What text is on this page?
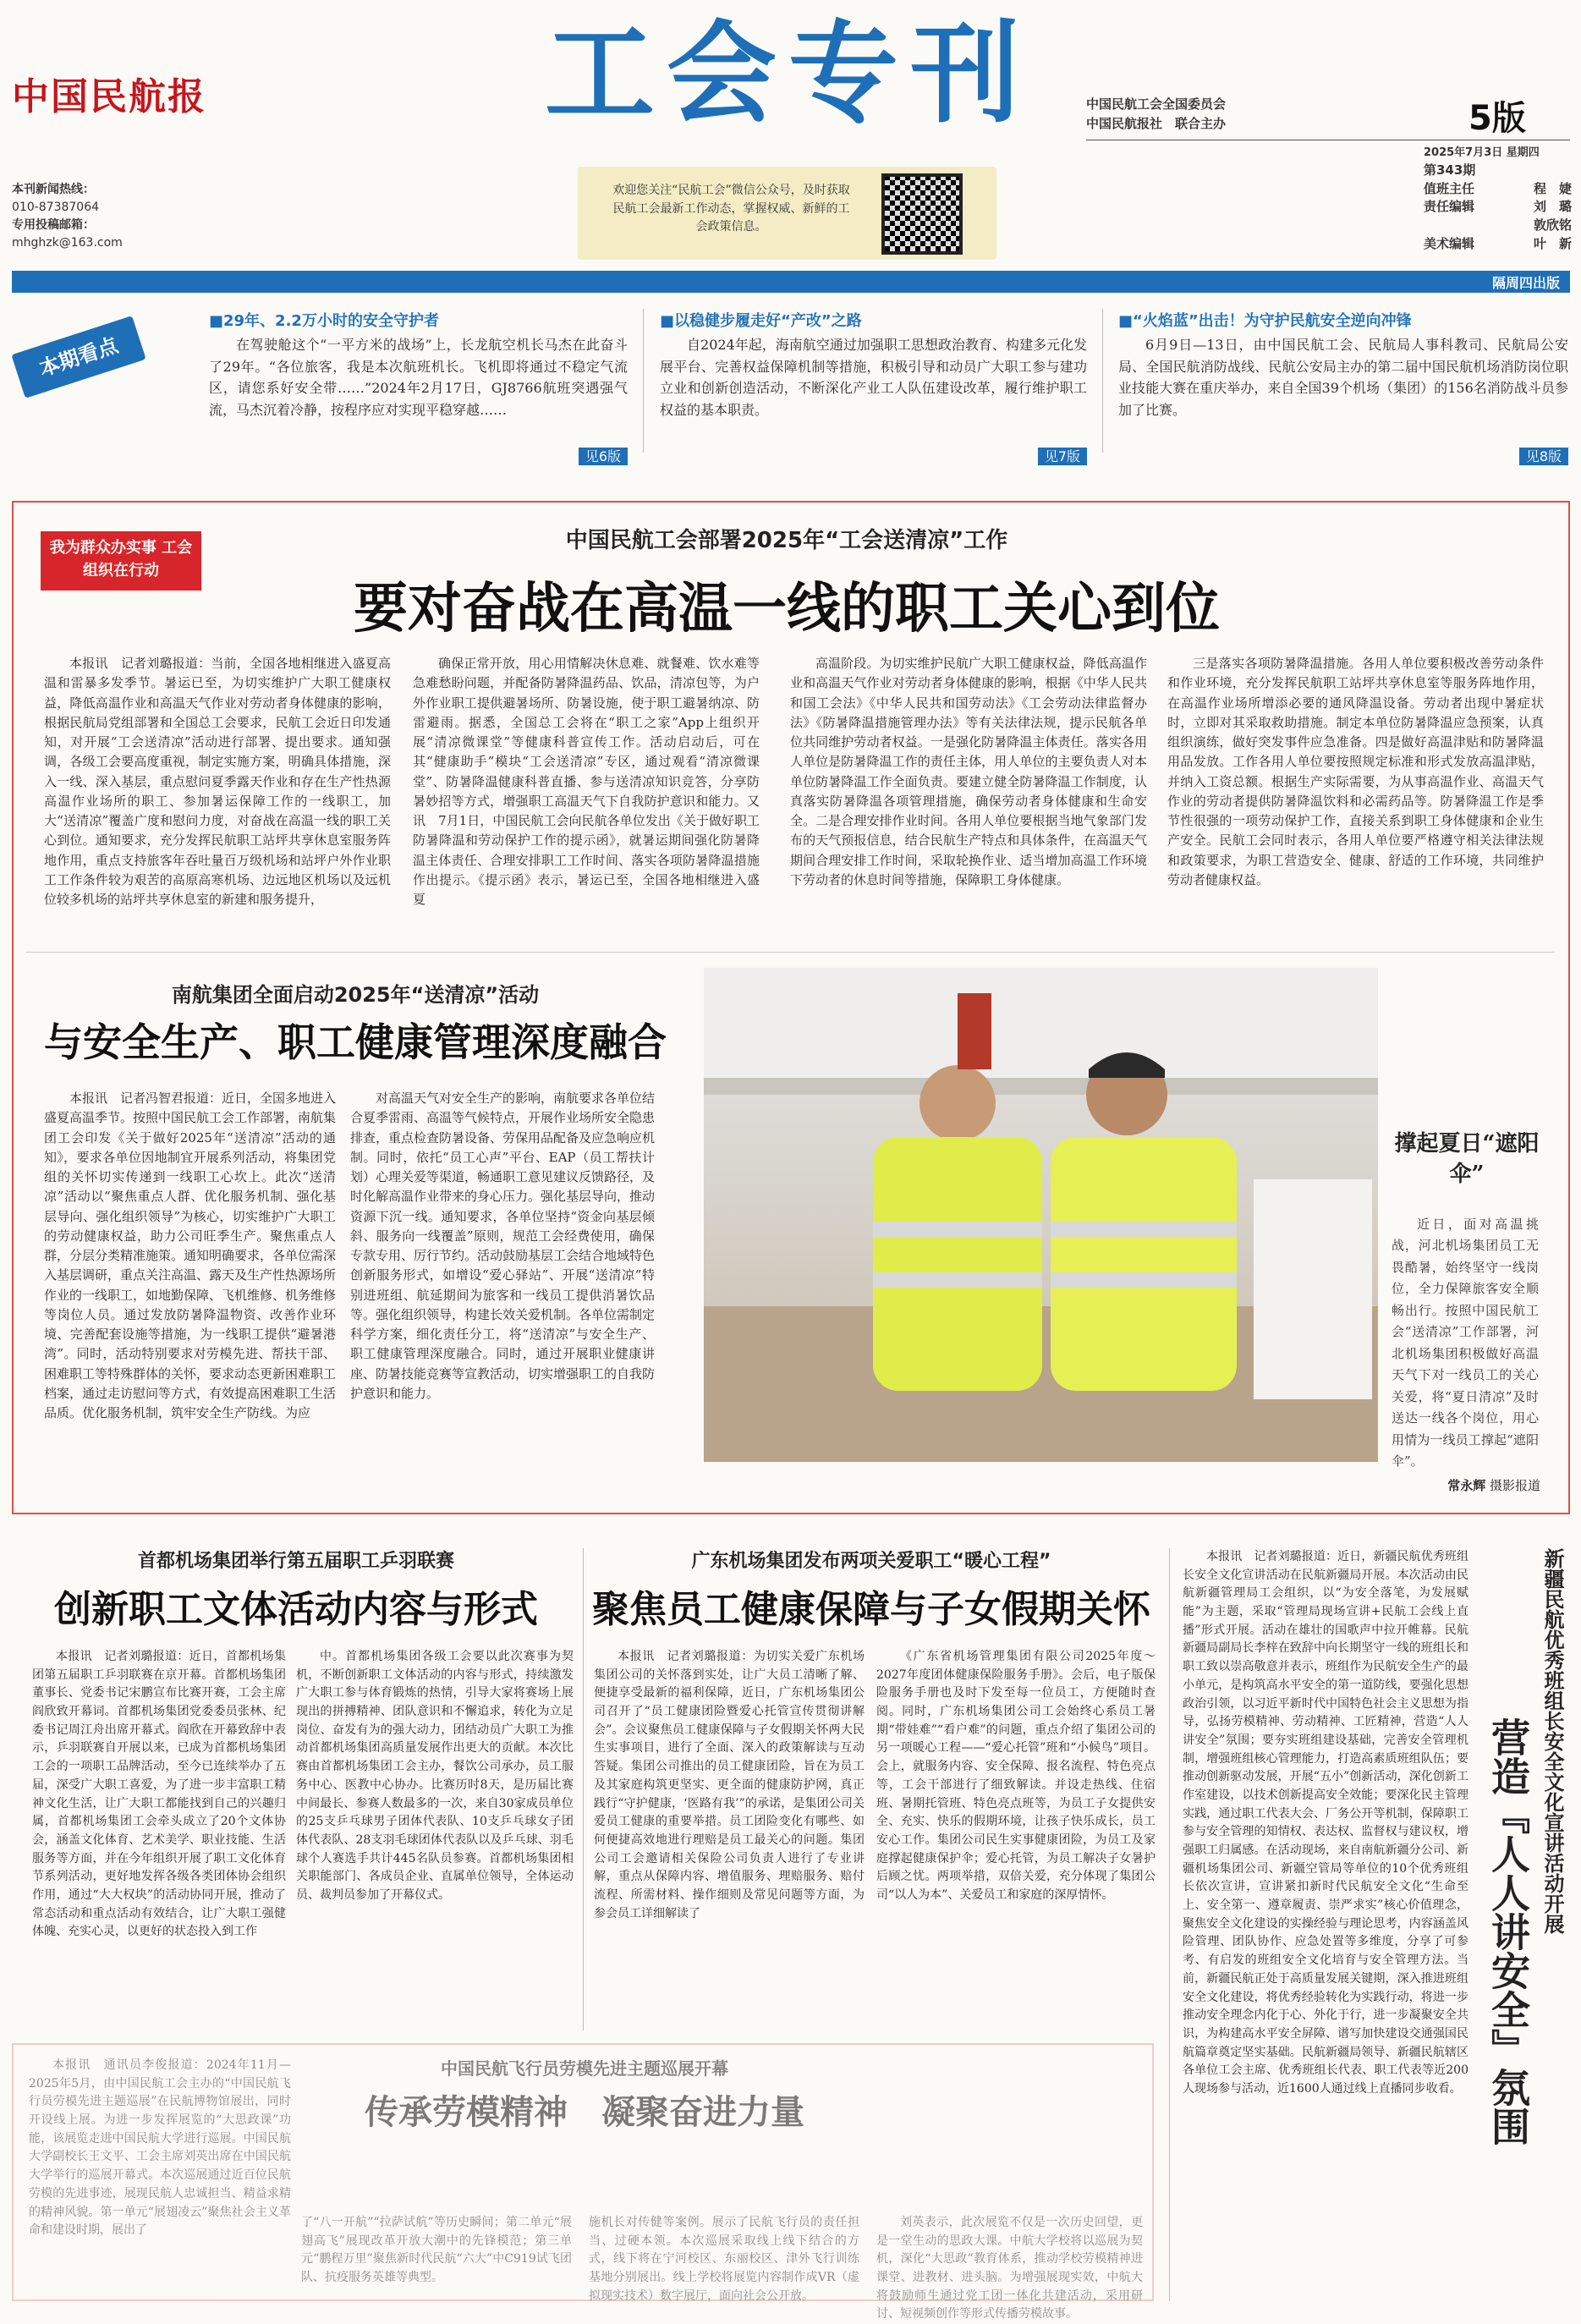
中国民航报	工会专刊
本刊新闻热线：
010-87387064
专用投稿邮箱：
mhghzk@163.com
欢迎您关注“民航工会”微信公众号，及时获取民航工会最新工作动态，掌握权威、新鲜的工会政策信息。
中国民航工会全国委员会
中国民航报社　联合主办	5版
2025年7月3日 星期四
第343期
值班主任	程　婕
责任编辑	刘　璐
敦欣铭
美术编辑	叶　新
隔周四出版
本期看点
■29年、2.2万小时的安全守护者
在驾驶舱这个“一平方米的战场”上，长龙航空机长马杰在此奋斗了29年。“各位旅客，我是本次航班机长。飞机即将通过不稳定气流区，请您系好安全带……”2024年2月17日，GJ8766航班突遇强气流，马杰沉着冷静，按程序应对实现平稳穿越……
见6版
■以稳健步履走好“产改”之路
自2024年起，海南航空通过加强职工思想政治教育、构建多元化发展平台、完善权益保障机制等措施，积极引导和动员广大职工参与建功立业和创新创造活动，不断深化产业工人队伍建设改革，履行维护职工权益的基本职责。
见7版
■“火焰蓝”出击！为守护民航安全逆向冲锋
6月9日—13日，由中国民航工会、民航局人事科教司、民航局公安局、全国民航消防战线、民航公安局主办的第二届中国民航机场消防岗位职业技能大赛在重庆举办，来自全国39个机场（集团）的156名消防战斗员参加了比赛。
见8版
我为群众办实事 工会组织在行动
中国民航工会部署2025年“工会送清凉”工作
要对奋战在高温一线的职工关心到位
本报讯　记者刘璐报道：当前，全国各地相继进入盛夏高温和雷暴多发季节。暑运已至，为切实维护广大职工健康权益，降低高温作业和高温天气作业对劳动者身体健康的影响，根据民航局党组部署和全国总工会要求，民航工会近日印发通知，对开展“工会送清凉”活动进行部署、提出要求。通知强调，各级工会要高度重视，制定实施方案，明确具体措施，深入一线、深入基层，重点慰问夏季露天作业和存在生产性热源高温作业场所的职工、参加暑运保障工作的一线职工，加大“送清凉”覆盖广度和慰问力度，对奋战在高温一线的职工关心到位。通知要求，充分发挥民航职工站坪共享休息室服务阵地作用，重点支持旅客年吞吐量百万级机场和站坪户外作业职工工作条件较为艰苦的高原高寒机场、边远地区机场以及远机位较多机场的站坪共享休息室的新建和服务提升，
确保正常开放，用心用情解决休息难、就餐难、饮水难等急难愁盼问题，并配备防暑降温药品、饮品，清凉包等，为户外作业职工提供避暑场所、防暑设施，使于职工避暑纳凉、防雷避雨。据悉，全国总工会将在“职工之家”App上组织开展“清凉微课堂”等健康科普宣传工作。活动启动后，可在其“健康助手”模块“工会送清凉”专区，通过观看“清凉微课堂”、防暑降温健康科普直播、参与送清凉知识竞答，分享防暑妙招等方式，增强职工高温天气下自我防护意识和能力。又讯　7月1日，中国民航工会向民航各单位发出《关于做好职工防暑降温和劳动保护工作的提示函》，就暑运期间强化防暑降温主体责任、合理安排职工工作时间、落实各项防暑降温措施作出提示。《提示函》表示，暑运已至，全国各地相继进入盛夏
高温阶段。为切实维护民航广大职工健康权益，降低高温作业和高温天气作业对劳动者身体健康的影响，根据《中华人民共和国工会法》《中华人民共和国劳动法》《工会劳动法律监督办法》《防暑降温措施管理办法》等有关法律法规，提示民航各单位共同维护劳动者权益。一是强化防暑降温主体责任。落实各用人单位是防暑降温工作的责任主体，用人单位的主要负责人对本单位防暑降温工作全面负责。要建立健全防暑降温工作制度，认真落实防暑降温各项管理措施，确保劳动者身体健康和生命安全。二是合理安排作业时间。各用人单位要根据当地气象部门发布的天气预报信息，结合民航生产特点和具体条件，在高温天气期间合理安排工作时间，采取轮换作业、适当增加高温工作环境下劳动者的休息时间等措施，保障职工身体健康。
三是落实各项防暑降温措施。各用人单位要积极改善劳动条件和作业环境，充分发挥民航职工站坪共享休息室等服务阵地作用，在高温作业场所增添必要的通风降温设备。劳动者出现中暑症状时，立即对其采取救助措施。制定本单位防暑降温应急预案，认真组织演练，做好突发事件应急准备。四是做好高温津贴和防暑降温用品发放。工作各用人单位要按照规定标准和形式发放高温津贴，并纳入工资总额。根据生产实际需要，为从事高温作业、高温天气作业的劳动者提供防暑降温饮料和必需药品等。防暑降温工作是季节性很强的一项劳动保护工作，直接关系到职工身体健康和企业生产安全。民航工会同时表示，各用人单位要严格遵守相关法律法规和政策要求，为职工营造安全、健康、舒适的工作环境，共同维护劳动者健康权益。
南航集团全面启动2025年“送清凉”活动
与安全生产、职工健康管理深度融合
本报讯　记者冯智君报道：近日，全国多地进入盛夏高温季节。按照中国民航工会工作部署，南航集团工会印发《关于做好2025年“送清凉”活动的通知》，要求各单位因地制宜开展系列活动，将集团党组的关怀切实传递到一线职工心坎上。此次“送清凉”活动以“聚焦重点人群、优化服务机制、强化基层导向、强化组织领导”为核心，切实维护广大职工的劳动健康权益，助力公司旺季生产。聚焦重点人群，分层分类精准施策。通知明确要求，各单位需深入基层调研，重点关注高温、露天及生产性热源场所作业的一线职工，如地勤保障、飞机维修、机务维修等岗位人员。通过发放防暑降温物资、改善作业环境、完善配套设施等措施，为一线职工提供“避暑港湾”。同时，活动特别要求对劳模先进、帮扶干部、困难职工等特殊群体的关怀，要求动态更新困难职工档案，通过走访慰问等方式，有效提高困难职工生活品质。优化服务机制，筑牢安全生产防线。为应
对高温天气对安全生产的影响，南航要求各单位结合夏季雷雨、高温等气候特点，开展作业场所安全隐患排查，重点检查防暑设备、劳保用品配备及应急响应机制。同时，依托“员工心声”平台、EAP（员工帮扶计划）心理关爱等渠道，畅通职工意见建议反馈路径，及时化解高温作业带来的身心压力。强化基层导向，推动资源下沉一线。通知要求，各单位坚持“资金向基层倾斜、服务向一线覆盖”原则，规范工会经费使用，确保专款专用、厉行节约。活动鼓励基层工会结合地域特色创新服务形式，如增设“爱心驿站”、开展“送清凉”特别进班组、航延期间为旅客和一线员工提供消暑饮品等。强化组织领导，构建长效关爱机制。各单位需制定科学方案，细化责任分工，将“送清凉”与安全生产、职工健康管理深度融合。同时，通过开展职业健康讲座、防暑技能竞赛等宣教活动，切实增强职工的自我防护意识和能力。
撑起夏日“遮阳伞”
近日，面对高温挑战，河北机场集团员工无畏酷暑，始终坚守一线岗位，全力保障旅客安全顺畅出行。按照中国民航工会“送清凉”工作部署，河北机场集团积极做好高温天气下对一线员工的关心关爱，将“夏日清凉”及时送达一线各个岗位，用心用情为一线员工撑起“遮阳伞”。
常永辉 摄影报道
首都机场集团举行第五届职工乒羽联赛
创新职工文体活动内容与形式
本报讯　记者刘璐报道：近日，首都机场集团第五届职工乒羽联赛在京开幕。首都机场集团董事长、党委书记宋鹏宣布比赛开赛，工会主席阎欣致开幕词。首都机场集团党委委员张林、纪委书记周江舟出席开幕式。阎欣在开幕致辞中表示，乒羽联赛自开展以来，已成为首都机场集团工会的一项职工品牌活动，至今已连续举办了五届，深受广大职工喜爱，为了进一步丰富职工精神文化生活，让广大职工都能找到自己的兴趣归属，首都机场集团工会牵头成立了20个文体协会，涵盖文化体育、艺术美学、职业技能、生活服务等方面，并在今年组织开展了职工文化体育节系列活动，更好地发挥各级各类团体协会组织作用，通过“大大权块”的活动协同开展，推动了常态活动和重点活动有效结合，让广大职工强健体魄、充实心灵，以更好的状态投入到工作
中。首都机场集团各级工会要以此次赛事为契机，不断创新职工文体活动的内容与形式，持续激发广大职工参与体育锻炼的热情，引导大家将赛场上展现出的拼搏精神、团队意识和不懈追求，转化为立足岗位、奋发有为的强大动力，团结动员广大职工为推动首都机场集团高质量发展作出更大的贡献。本次比赛由首都机场集团工会主办，餐饮公司承办，员工服务中心、医教中心协办。比赛历时8天，是历届比赛中间最长、参赛人数最多的一次，来自30家成员单位的25支乒乓球男子团体代表队、10支乒乓球女子团体代表队、28支羽毛球团体代表队以及乒乓球、羽毛球个人赛选手共计445名队员参赛。首都机场集团相关职能部门、各成员企业、直属单位领导，全体运动员、裁判员参加了开幕仪式。
广东机场集团发布两项关爱职工“暖心工程”
聚焦员工健康保障与子女假期关怀
本报讯　记者刘璐报道：为切实关爱广东机场集团公司的关怀落到实处，让广大员工清晰了解、便捷享受最新的福利保障，近日，广东机场集团公司召开了“员工健康团险暨爱心托管宣传贯彻讲解会”。会议聚焦员工健康保障与子女假期关怀两大民生实事项目，进行了全面、深入的政策解读与互动答疑。集团公司推出的员工健康团险，旨在为员工及其家庭构筑更坚实、更全面的健康防护网，真正践行“守护健康，‘医路有我’”的承诺，是集团公司关爱员工健康的重要举措。员工团险变化有哪些、如何便捷高效地进行理赔是员工最关心的问题。集团公司工会邀请相关保险公司负责人进行了专业讲解，重点从保障内容、增值服务、理赔服务、赔付流程、所需材料、操作细则及常见问题等方面，为参会员工详细解读了
《广东省机场管理集团有限公司2025年度～2027年度团体健康保险服务手册》。会后，电子版保险服务手册也及时下发至每一位员工，方便随时查阅。同时，广东机场集团公司工会始终心系员工暑期“带娃难”“看户难”的问题，重点介绍了集团公司的另一项暖心工程——“爱心托管”班和“小候鸟”项目。会上，就服务内容、安全保障、报名流程、特色亮点等，工会干部进行了细致解读。并设走热线、住宿班、暑期托管班、特色亮点班等，为员工子女提供安全、充实、快乐的假期环境，让孩子快乐成长，员工安心工作。集团公司民生实事健康团险，为员工及家庭撑起健康保护伞；爱心托管，为员工解决子女暑护后顾之忧。两项举措，双倍关爱，充分体现了集团公司“以人为本”、关爱员工和家庭的深厚情怀。
本报讯　记者刘璐报道：近日，新疆民航优秀班组长安全文化宣讲活动在民航新疆局开展。本次活动由民航新疆管理局工会组织，以“为安全落笔，为发展赋能”为主题，采取“管理局现场宣讲+民航工会线上直播”形式开展。活动在雄壮的国歌声中拉开帷幕。民航新疆局副局长李梓在致辞中向长期坚守一线的班组长和职工致以崇高敬意并表示，班组作为民航安全生产的最小单元，是构筑高水平安全的第一道防线，要强化思想政治引领，以习近平新时代中国特色社会主义思想为指导，弘扬劳模精神、劳动精神、工匠精神，营造“人人讲安全”氛围；要夯实班组建设基础，完善安全管理机制，增强班组核心管理能力，打造高素质班组队伍；要推动创新驱动发展，开展“五小”创新活动，深化创新工作室建设，以技术创新提高安全效能；要深化民主管理实践，通过职工代表大会、厂务公开等机制，保障职工参与安全管理的知情权、表达权、监督权与建议权，增强职工归属感。在活动现场，来自南航新疆分公司、新疆机场集团公司、新疆空管局等单位的10个优秀班组长依次宣讲，宣讲紧扣新时代民航安全文化“生命至上、安全第一、遵章履责、崇严求实”核心价值理念，聚焦安全文化建设的实操经验与理论思考，内容涵盖风险管理、团队协作、应急处置等多维度，分享了可参考、有启发的班组安全文化培育与安全管理方法。当前，新疆民航正处于高质量发展关键期，深入推进班组安全文化建设，将优秀经验转化为实践行动，将进一步推动安全理念内化于心、外化于行，进一步凝聚安全共识，为构建高水平安全屏障、谱写加快建设交通强国民航篇章奠定坚实基础。民航新疆局领导、新疆民航辖区各单位工会主席、优秀班组长代表、职工代表等近200人现场参与活动，近1600人通过线上直播同步收看。
新疆民航优秀班组长安全文化宣讲活动开展
营造『人人讲安全』氛围
本报讯　通讯员李俊报道：2024年11月—2025年5月，由中国民航工会主办的“中国民航飞行员劳模先进主题巡展”在民航博物馆展出，同时开设线上展。为进一步发挥展览的“大思政课”功能，该展览走进中国民航大学进行巡展。中国民航大学副校长王文平、工会主席刘英出席在中国民航大学举行的巡展开幕式。本次巡展通过近百位民航劳模的先进事迹，展现民航人忠诚担当、精益求精的精神风貌。第一单元“展翅凌云”聚焦社会主义革命和建设时期，展出了
中国民航飞行员劳模先进主题巡展开幕
传承劳模精神　凝聚奋进力量
了“八一开航”“拉萨试航”等历史瞬间；第二单元“展翅高飞”展现改革开放大潮中的先锋模范；第三单元“鹏程万里”聚焦新时代民航“六大”中C919试飞团队、抗疫服务英雄等典型。
施机长对传健等案例。展示了民航飞行员的责任担当、过硬本领。本次巡展采取线上线下结合的方式，线下将在宁河校区、东丽校区、津外飞行训练基地分别展出。线上学校将展览内容制作成VR（虚拟现实技术）数字展厅，面向社会公开放。
刘英表示，此次展览不仅是一次历史回望，更是一堂生动的思政大课。中航大学校将以巡展为契机，深化“大思政”教育体系，推动学校劳模精神进课堂、进教材、进头脑。为增强展现实效，中航大将鼓励师生通过党工团一体化共建活动，采用研讨、短视频创作等形式传播劳模故事。
